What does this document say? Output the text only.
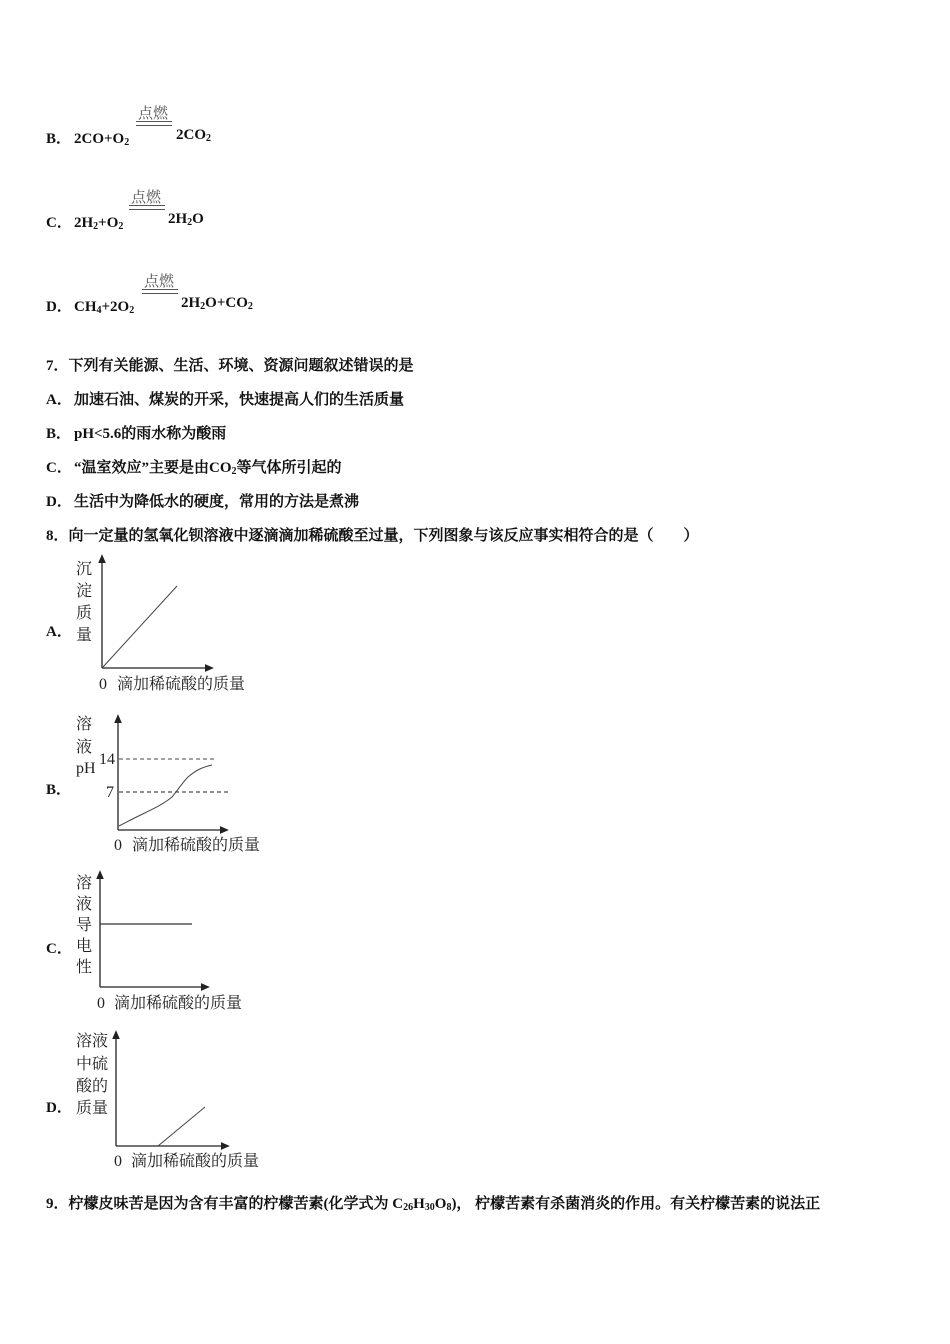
点燃
B． $2CO+O_2$	$2CO_2$
点燃
C． $2H_2+O_2$	$2H_2O$
点燃
D． $CH_4+2O_2$	$2H_2O+CO_2$
7．下列有关能源、生活、环境、资源问题叙述错误的是
A． 加速石油、煤炭的开采，快速提高人们的生活质量
B． pH<5.6的雨水称为酸雨
C． “温室效应”主要是由$CO_2$等气体所引起的
D． 生活中为降低水的硬度，常用的方法是煮沸
8．向一定量的氢氧化钡溶液中逐滴滴加稀硫酸至过量，下列图象与该反应事实相符合的是（　　）
A．
沉
淀
质
量
0 滴加稀硫酸的质量
B．
溶
液
pH
14
7
0 滴加稀硫酸的质量
C．
溶
液
导
电
性
0 滴加稀硫酸的质量
D．
溶液
中硫
酸的
质量
0 滴加稀硫酸的质量
9．柠檬皮味苦是因为含有丰富的柠檬苦素(化学式为 $C_{26}H_{30}O_8$)， 柠檬苦素有杀菌消炎的作用。有关柠檬苦素的说法正
